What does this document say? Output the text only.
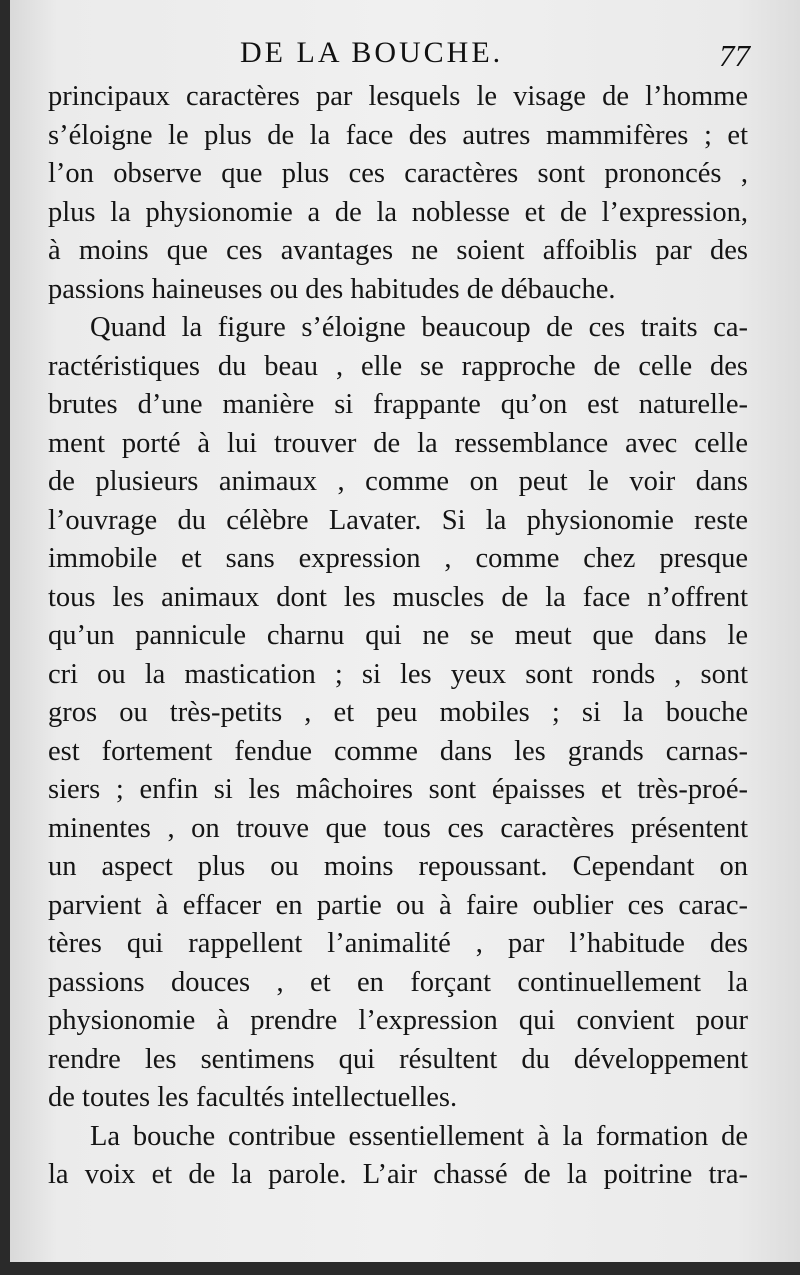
DE LA BOUCHE.	77
principaux caractères par lesquels le visage de l’homme
s’éloigne le plus de la face des autres mammifères ; et
l’on observe que plus ces caractères sont prononcés ,
plus la physionomie a de la noblesse et de l’expression,
à moins que ces avantages ne soient affoiblis par des
passions haineuses ou des habitudes de débauche.
Quand la figure s’éloigne beaucoup de ces traits ca-
ractéristiques du beau , elle se rapproche de celle des
brutes d’une manière si frappante qu’on est naturelle-
ment porté à lui trouver de la ressemblance avec celle
de plusieurs animaux , comme on peut le voir dans
l’ouvrage du célèbre Lavater. Si la physionomie reste
immobile et sans expression , comme chez presque
tous les animaux dont les muscles de la face n’offrent
qu’un pannicule charnu qui ne se meut que dans le
cri ou la mastication ; si les yeux sont ronds , sont
gros ou très-petits , et peu mobiles ; si la bouche
est fortement fendue comme dans les grands carnas-
siers ; enfin si les mâchoires sont épaisses et très-proé-
minentes , on trouve que tous ces caractères présentent
un aspect plus ou moins repoussant. Cependant on
parvient à effacer en partie ou à faire oublier ces carac-
tères qui rappellent l’animalité , par l’habitude des
passions douces , et en forçant continuellement la
physionomie à prendre l’expression qui convient pour
rendre les sentimens qui résultent du développement
de toutes les facultés intellectuelles.
La bouche contribue essentiellement à la formation de
la voix et de la parole. L’air chassé de la poitrine tra-
